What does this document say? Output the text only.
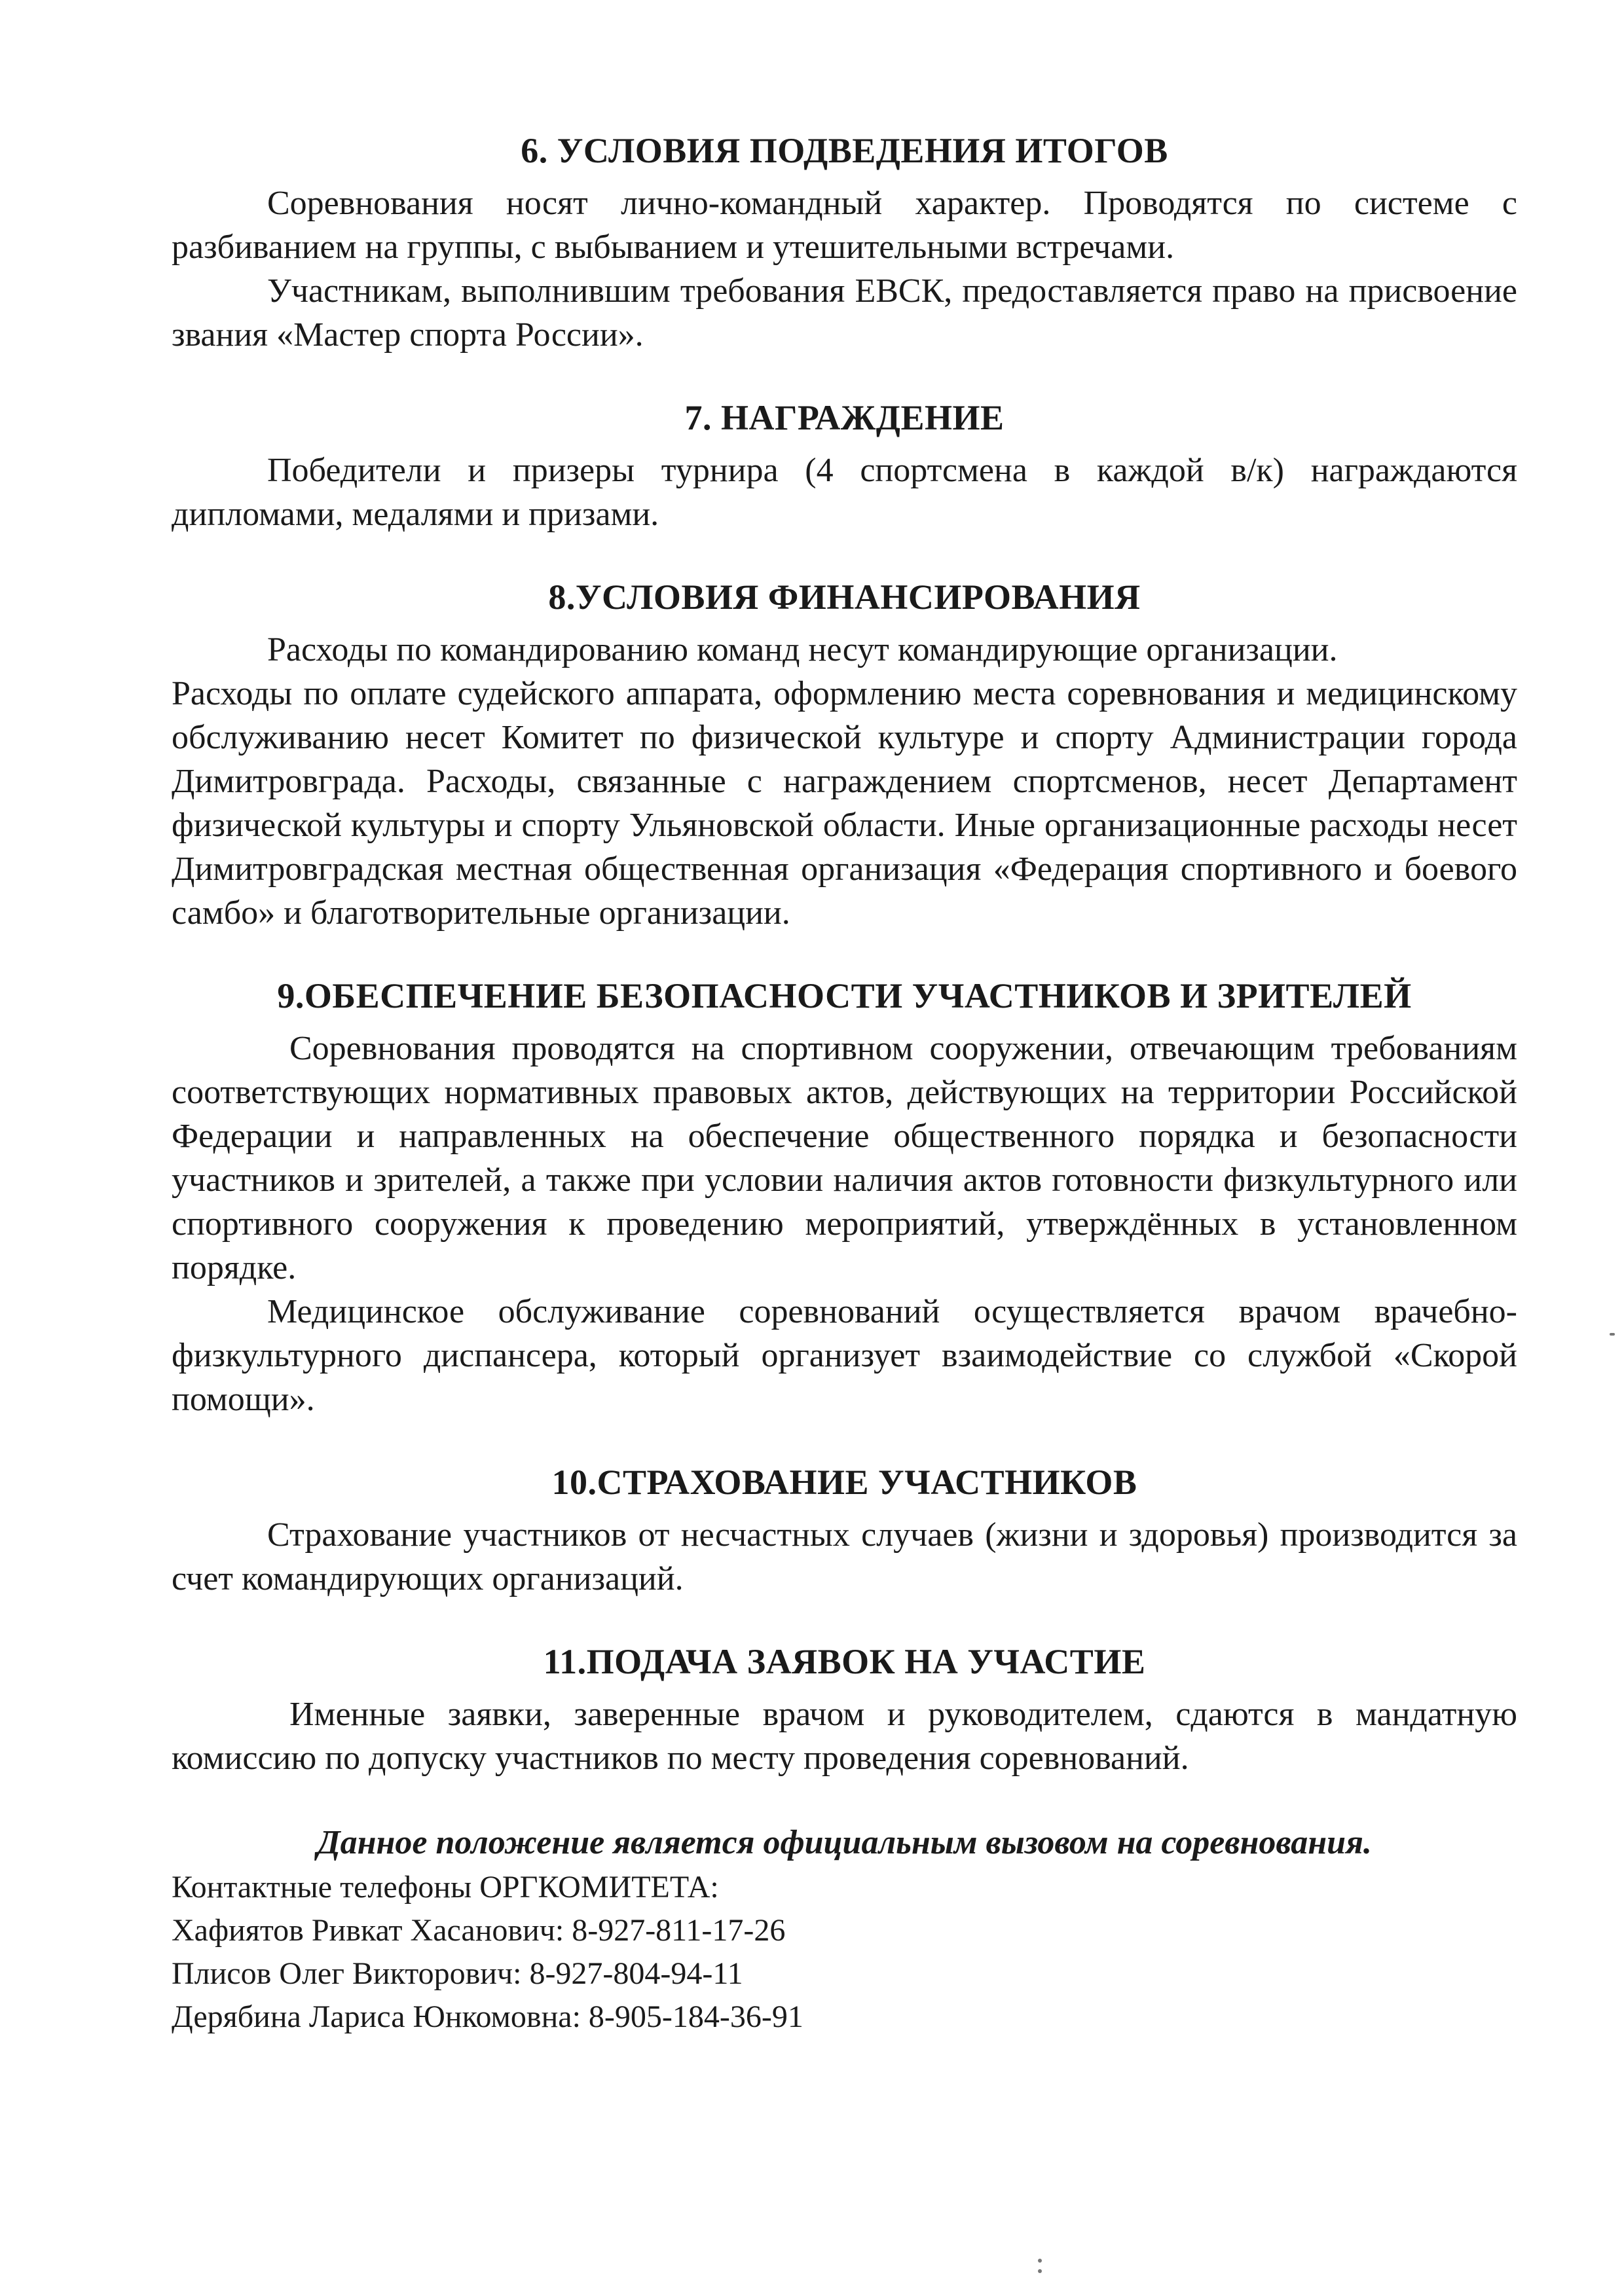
6. УСЛОВИЯ ПОДВЕДЕНИЯ ИТОГОВ

Соревнования носят лично-командный характер. Проводятся по системе с разбиванием на группы, с выбыванием и утешительными встречами.

Участникам, выполнившим требования ЕВСК, предоставляется право на присвоение звания «Мастер спорта России».

7. НАГРАЖДЕНИЕ

Победители и призеры турнира (4 спортсмена в каждой в/к) награждаются дипломами, медалями и призами.

8.УСЛОВИЯ ФИНАНСИРОВАНИЯ

Расходы по командированию команд несут командирующие организации.

Расходы по оплате судейского аппарата, оформлению места соревнования и медицинскому обслуживанию несет Комитет по физической культуре и спорту Администрации города Димитровграда. Расходы, связанные с награждением спортсменов, несет Департамент физической культуры и спорту Ульяновской области. Иные организационные расходы несет Димитровградская местная общественная организация «Федерация спортивного и боевого самбо» и благотворительные организации.

9.ОБЕСПЕЧЕНИЕ БЕЗОПАСНОСТИ УЧАСТНИКОВ И ЗРИТЕЛЕЙ

Соревнования проводятся на спортивном сооружении, отвечающим требованиям соответствующих нормативных правовых актов, действующих на территории Российской Федерации и направленных на обеспечение общественного порядка и безопасности участников и зрителей, а также при условии наличия актов готовности физкультурного или спортивного сооружения к проведению мероприятий, утверждённых в установленном порядке.

Медицинское обслуживание соревнований осуществляется врачом врачебно-физкультурного диспансера, который организует взаимодействие со службой «Скорой помощи».

10.СТРАХОВАНИЕ УЧАСТНИКОВ

Страхование участников от несчастных случаев (жизни и здоровья) производится за счет командирующих организаций.

11.ПОДАЧА ЗАЯВОК НА УЧАСТИЕ

Именные заявки, заверенные врачом и руководителем, сдаются в мандатную комиссию по допуску участников по месту проведения соревнований.

Данное положение является официальным вызовом на соревнования.
Контактные телефоны ОРГКОМИТЕТА:
Хафиятов Ривкат Хасанович: 8-927-811-17-26
Плисов Олег Викторович: 8-927-804-94-11
Дерябина Лариса Юнкомовна: 8-905-184-36-91
